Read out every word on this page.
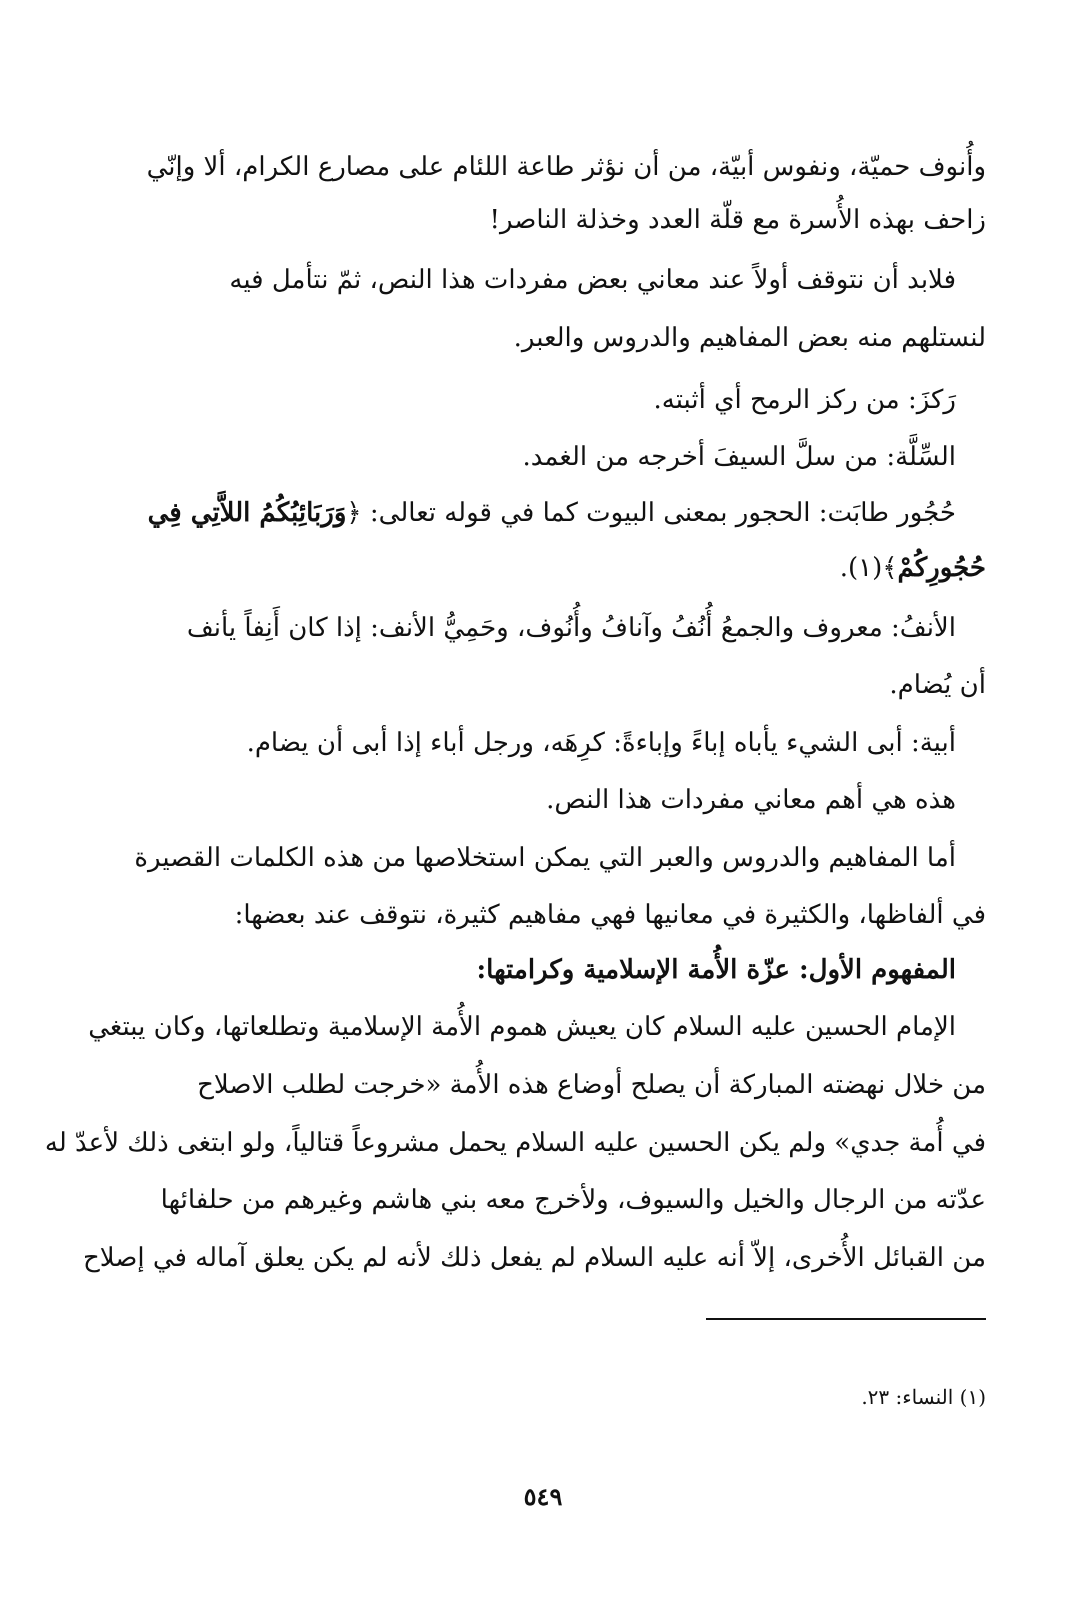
وأُنوف حميّة، ونفوس أبيّة، من أن نؤثر طاعة اللئام على مصارع الكرام، ألا وإنّي
زاحف بهذه الأُسرة مع قلّة العدد وخذلة الناصر!
فلابد أن نتوقف أولاً عند معاني بعض مفردات هذا النص، ثمّ نتأمل فيه
لنستلهم منه بعض المفاهيم والدروس والعبر.
رَكزَ: من ركز الرمح أي أثبته.
السِّلَّة: من سلَّ السيفَ أخرجه من الغمد.
حُجُور طابَت: الحجور بمعنى البيوت كما في قوله تعالى: ﴿وَرَبَائِبُكُمُ اللاَّتِي فِي
حُجُورِكُمْ﴾(١).
الأنفُ: معروف والجمعُ أُنُفُ وآنافُ وأُنُوف، وحَمِيُّ الأنف: إذا كان أَنِفاً يأنف
أن يُضام.
أبية: أبى الشيء يأباه إباءً وإباءةً: كرِهَه، ورجل أباء إذا أبى أن يضام.
هذه هي أهم معاني مفردات هذا النص.
أما المفاهيم والدروس والعبر التي يمكن استخلاصها من هذه الكلمات القصيرة
في ألفاظها، والكثيرة في معانيها فهي مفاهيم كثيرة، نتوقف عند بعضها:
المفهوم الأول: عزّة الأُمة الإسلامية وكرامتها:
الإمام الحسين عليه السلام كان يعيش هموم الأُمة الإسلامية وتطلعاتها، وكان يبتغي
من خلال نهضته المباركة أن يصلح أوضاع هذه الأُمة «خرجت لطلب الاصلاح
في أُمة جدي» ولم يكن الحسين عليه السلام يحمل مشروعاً قتالياً، ولو ابتغى ذلك لأعدّ له
عدّته من الرجال والخيل والسيوف، ولأخرج معه بني هاشم وغيرهم من حلفائها
من القبائل الأُخرى، إلاّ أنه عليه السلام لم يفعل ذلك لأنه لم يكن يعلق آماله في إصلاح
(١) النساء: ٢٣.
٥٤٩
